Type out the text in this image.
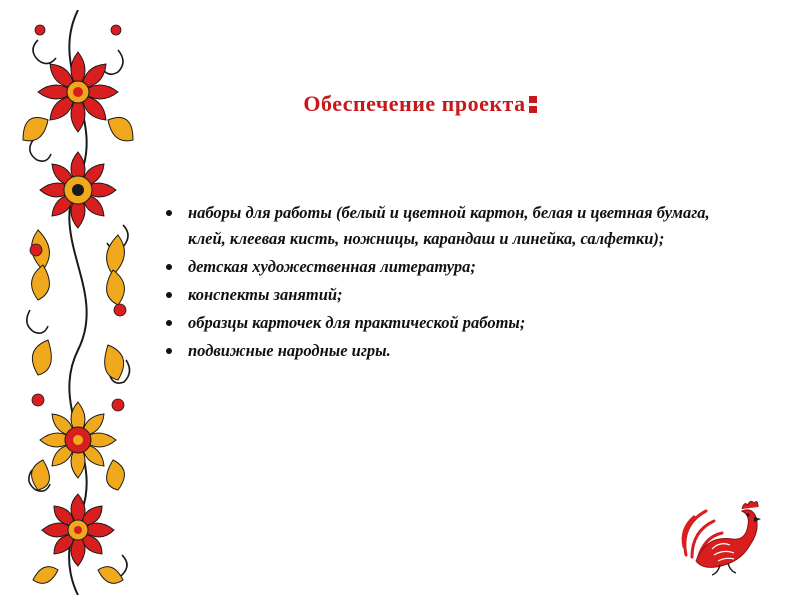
Обеспечение проекта
наборы для работы (белый и цветной картон, белая и цветная бумага, клей, клеевая кисть, ножницы, карандаш и линейка, салфетки);
детская художественная литература;
конспекты занятий;
образцы карточек для практической работы;
подвижные народные игры.
